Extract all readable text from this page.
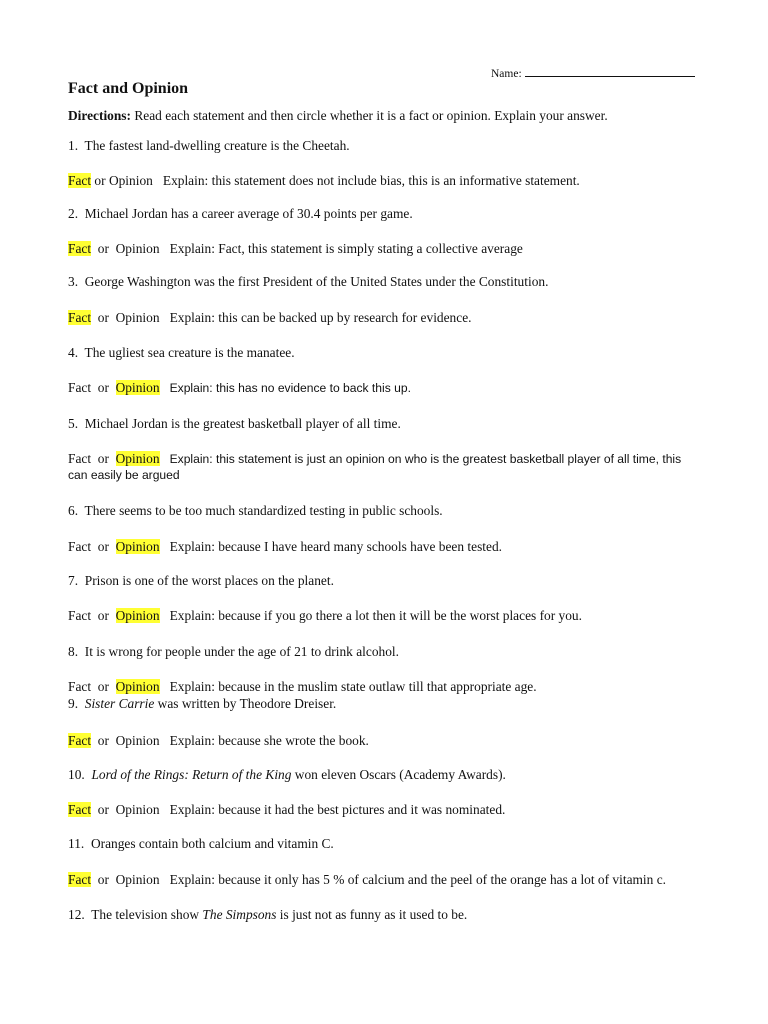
Name:
Fact and Opinion
Directions: Read each statement and then circle whether it is a fact or opinion. Explain your answer.
1. The fastest land-dwelling creature is the Cheetah.
Fact or Opinion Explain: this statement does not include bias, this is an informative statement.
2. Michael Jordan has a career average of 30.4 points per game.
Fact or Opinion Explain: Fact, this statement is simply stating a collective average
3. George Washington was the first President of the United States under the Constitution.
Fact or Opinion Explain: this can be backed up by research for evidence.
4. The ugliest sea creature is the manatee.
Fact or Opinion Explain: this has no evidence to back this up.
5. Michael Jordan is the greatest basketball player of all time.
Fact or Opinion Explain: this statement is just an opinion on who is the greatest basketball player of all time, this can easily be argued
6. There seems to be too much standardized testing in public schools.
Fact or Opinion Explain: because I have heard many schools have been tested.
7. Prison is one of the worst places on the planet.
Fact or Opinion Explain: because if you go there a lot then it will be the worst places for you.
8. It is wrong for people under the age of 21 to drink alcohol.
Fact or Opinion Explain: because in the muslim state outlaw till that appropriate age.
9. Sister Carrie was written by Theodore Dreiser.
Fact or Opinion Explain: because she wrote the book.
10. Lord of the Rings: Return of the King won eleven Oscars (Academy Awards).
Fact or Opinion Explain: because it had the best pictures and it was nominated.
11. Oranges contain both calcium and vitamin C.
Fact or Opinion Explain: because it only has 5 % of calcium and the peel of the orange has a lot of vitamin c.
12. The television show The Simpsons is just not as funny as it used to be.
